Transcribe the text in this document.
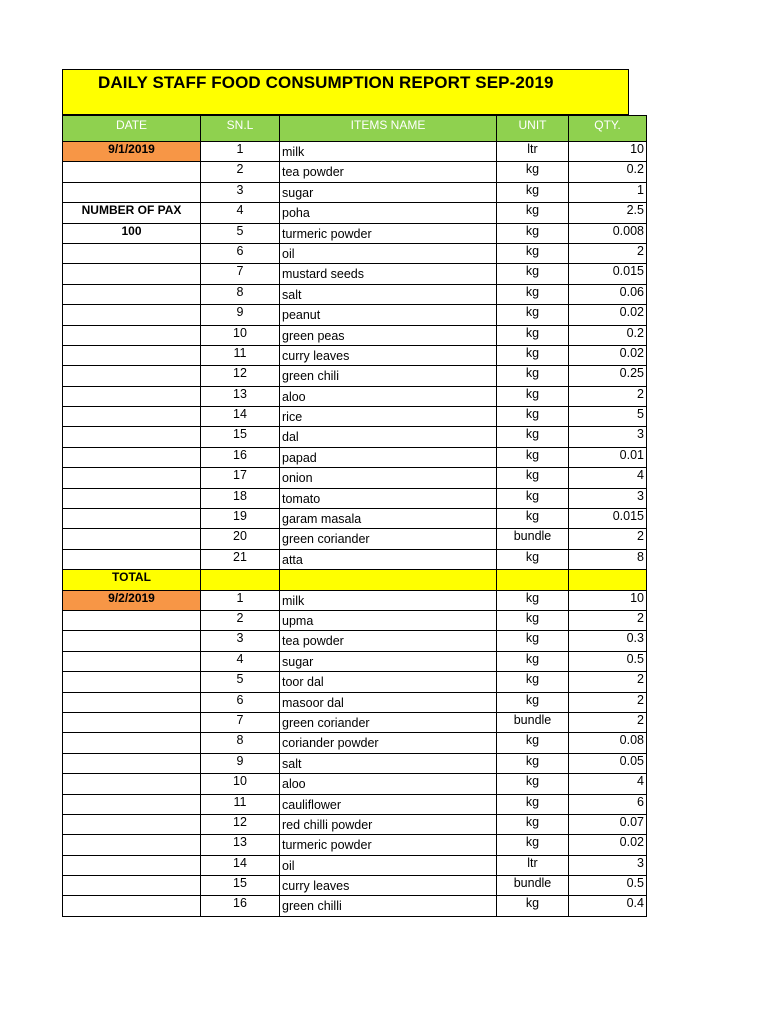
DAILY STAFF FOOD CONSUMPTION REPORT SEP-2019
DATE	SN.L	ITEMS NAME	UNIT	QTY.
9/1/2019	1	milk	ltr	10
	2	tea powder	kg	0.2
	3	sugar	kg	1
NUMBER OF PAX	4	poha	kg	2.5
100	5	turmeric powder	kg	0.008
	6	oil	kg	2
	7	mustard seeds	kg	0.015
	8	salt	kg	0.06
	9	peanut	kg	0.02
	10	green peas	kg	0.2
	11	curry leaves	kg	0.02
	12	green chili	kg	0.25
	13	aloo	kg	2
	14	rice	kg	5
	15	dal	kg	3
	16	papad	kg	0.01
	17	onion	kg	4
	18	tomato	kg	3
	19	garam masala	kg	0.015
	20	green coriander	bundle	2
	21	atta	kg	8
TOTAL				
9/2/2019	1	milk	kg	10
	2	upma	kg	2
	3	tea powder	kg	0.3
	4	sugar	kg	0.5
	5	toor dal	kg	2
	6	masoor dal	kg	2
	7	green coriander	bundle	2
	8	coriander powder	kg	0.08
	9	salt	kg	0.05
	10	aloo	kg	4
	11	cauliflower	kg	6
	12	red chilli powder	kg	0.07
	13	turmeric powder	kg	0.02
	14	oil	ltr	3
	15	curry leaves	bundle	0.5
	16	green chilli	kg	0.4
